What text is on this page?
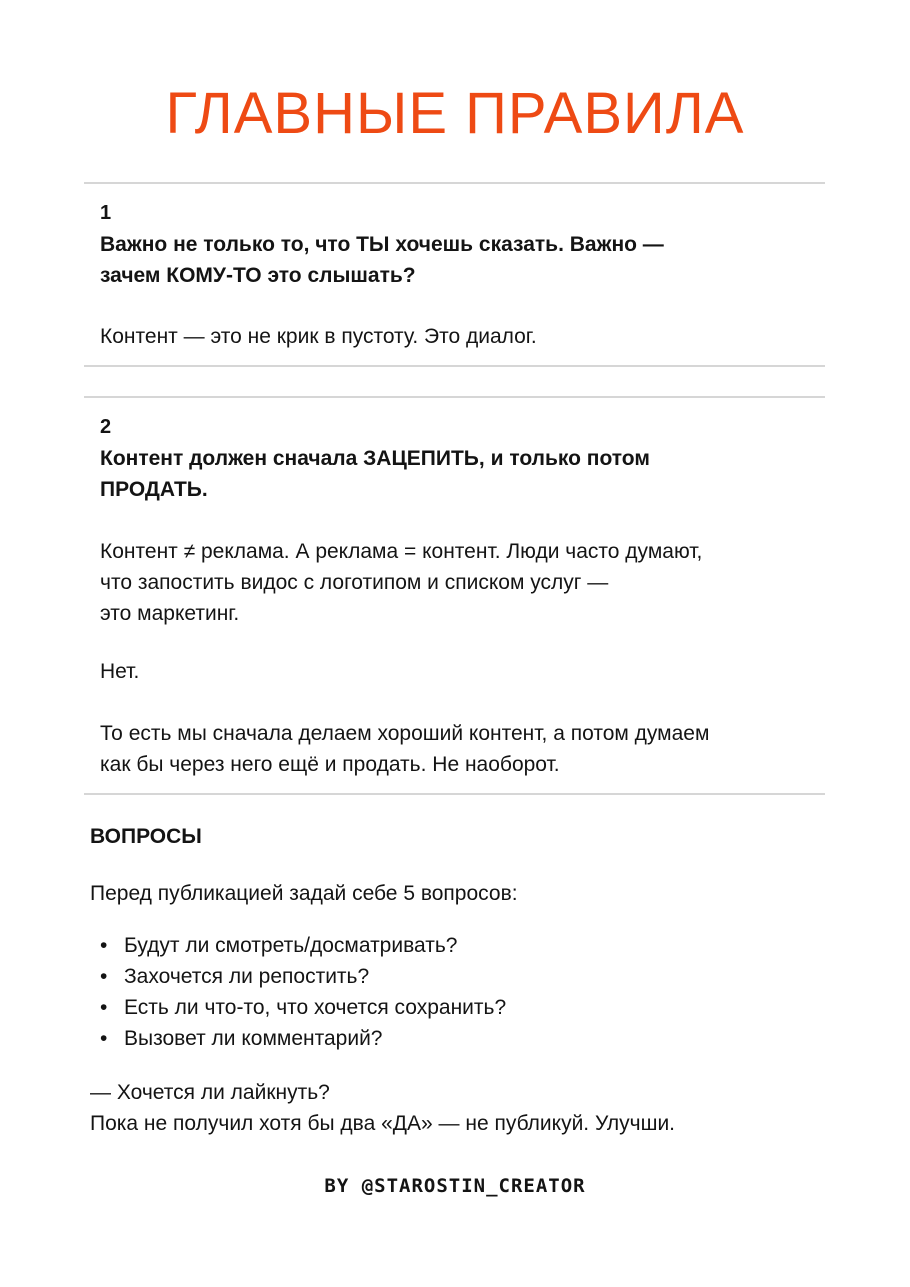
ГЛАВНЫЕ ПРАВИЛА
1
Важно не только то, что ТЫ хочешь сказать. Важно —
зачем КОМУ-ТО это слышать?
Контент — это не крик в пустоту. Это диалог.
2
Контент должен сначала ЗАЦЕПИТЬ, и только потом
ПРОДАТЬ.
Контент ≠ реклама. А реклама = контент. Люди часто думают,
что запостить видос с логотипом и списком услуг —
это маркетинг.
Нет.
То есть мы сначала делаем хороший контент, а потом думаем
как бы через него ещё и продать. Не наоборот.
ВОПРОСЫ
Перед публикацией задай себе 5 вопросов:
• Будут ли смотреть/досматривать?
• Захочется ли репостить?
• Есть ли что-то, что хочется сохранить?
• Вызовет ли комментарий?
— Хочется ли лайкнуть?
Пока не получил хотя бы два «ДА» — не публикуй. Улучши.
BY @STAROSTIN_CREATOR
